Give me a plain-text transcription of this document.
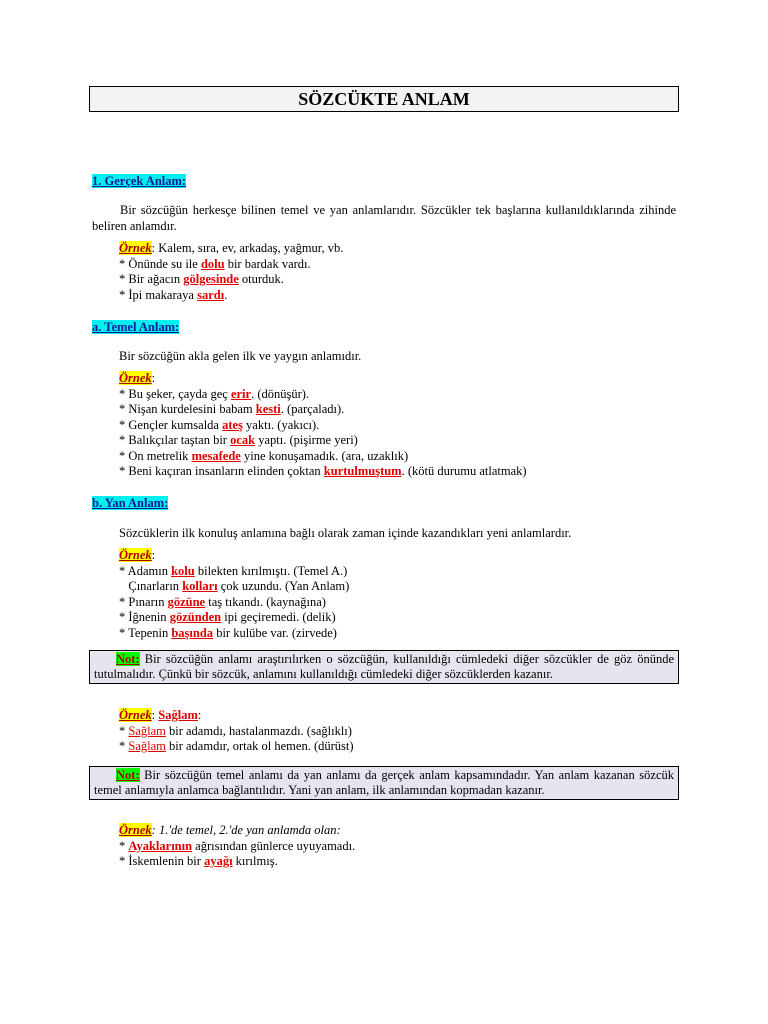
SÖZCÜKTE ANLAM
1. Gerçek Anlam:
Bir sözcüğün herkesçe bilinen temel ve yan anlamlarıdır. Sözcükler tek başlarına kullanıldıklarında zihinde beliren anlamdır.
Örnek: Kalem, sıra, ev, arkadaş, yağmur, vb.
* Önünde su ile dolu bir bardak vardı.
* Bir ağacın gölgesinde oturduk.
* İpi makaraya sardı.
a. Temel Anlam:
Bir sözcüğün akla gelen ilk ve yaygın anlamıdır.
Örnek:
* Bu şeker, çayda geç erir. (dönüşür).
* Nişan kurdelesini babam kesti. (parçaladı).
* Gençler kumsalda ateş yaktı. (yakıcı).
* Balıkçılar taştan bir ocak yaptı. (pişirme yeri)
* On metrelik mesafede yine konuşamadık. (ara, uzaklık)
* Beni kaçıran insanların elinden çoktan kurtulmuştum. (kötü durumu atlatmak)
b. Yan Anlam:
Sözcüklerin ilk konuluş anlamına bağlı olarak zaman içinde kazandıkları yeni anlamlardır.
Örnek:
* Adamın kolu bilekten kırılmıştı. (Temel A.)
Çınarların kolları çok uzundu. (Yan Anlam)
* Pınarın gözüne taş tıkandı. (kaynağına)
* İğnenin gözünden ipi geçiremedi. (delik)
* Tepenin başında bir kulübe var. (zirvede)
Not: Bir sözcüğün anlamı araştırılırken o sözcüğün, kullanıldığı cümledeki diğer sözcükler de göz önünde tutulmalıdır. Çünkü bir sözcük, anlamını kullanıldığı cümledeki diğer sözcüklerden kazanır.
Örnek: Sağlam:
* Sağlam bir adamdı, hastalanmazdı. (sağlıklı)
* Sağlam bir adamdır, ortak ol hemen. (dürüst)
Not: Bir sözcüğün temel anlamı da yan anlamı da gerçek anlam kapsamındadır. Yan anlam kazanan sözcük temel anlamıyla anlamca bağlantılıdır. Yani yan anlam, ilk anlamından kopmadan kazanır.
Örnek: 1.'de temel, 2.'de yan anlamda olan:
* Ayaklarının ağrısından günlerce uyuyamadı.
* İskemlenin bir ayağı kırılmış.
